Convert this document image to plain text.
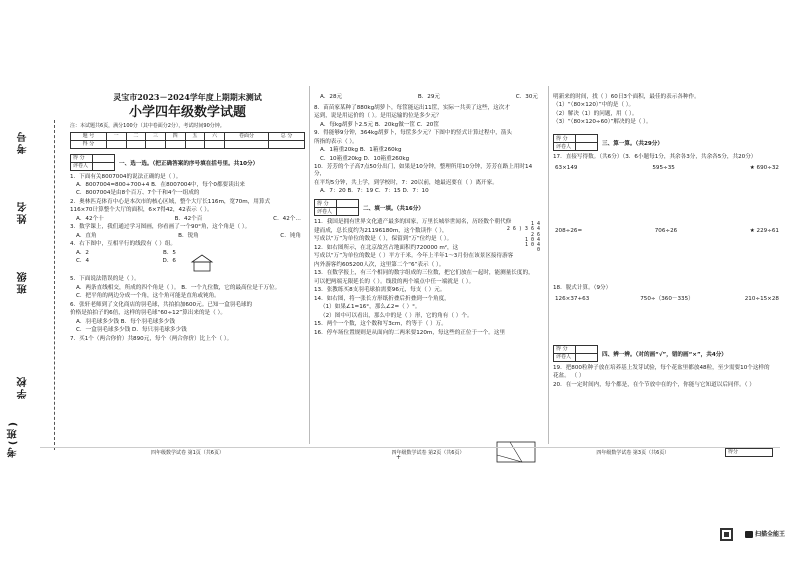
学校
班级
姓名
考号
考(班)
灵宝市2023－2024学年度上期期末测试
小学四年级数学试题
注：本试题共6页，满分100分（其中卷面分2分），考试时间90分钟。
题 号	一	二	三	四	五	六	卷面分	总 分
得 分								
得 分	
评卷人		一、选一选。（把正确答案的序号填在括号里。共10分）
1．下面有关8007004的说法正确的是（ ）。
A．8007004=800+700+4 B．在8007004中，每个0都要读出来
C．8007004是由8个百万、7个千和4个一组成的
2．奥林匹克体育中心是本次市的核心区域，整个大厅长116m，宽70m，用算式
116×70计算整个大厅的面积，6×7得42，42表示（ ）。
A．42个十	B．42个百	C．42个…
3．数学课上，我们通过学习图画，你看画了一个90°角，这个角是（ ）。
A．直角	B．锐角	C．钝角
4．右下图中，互相平行的线段有（ ）组。
A．2	B．5
C．4	D．6
5．下面说法错误的是（ ）。
A．两条直线相交，所成的四个角是（ ）。 B．一个九位数，它的最高位是千万位。
C．把平角的两边分成一个角，这个角可能是直角或钝角。
6．张轩老师到了文化商店的羽毛球，共拍拍加600元。已知一盒羽毛球的
价格是拍拍子的6倍，这样的羽毛球“60÷12”算出来的是（ ）。
A．羽毛球多少钱 B．每个羽毛球多少钱
C．一盒羽毛球多少钱 D．每只羽毛球多少钱
7．买1个（两合你价）共890元，每个（两合你价）比上个（ ）。
四年级数学试卷 第1页（共6页）
A．28元	B．29元	C．30元
8．苗苗家某种了880kg胡萝卜，每筐能运出11筐，实际一共卖了这些，这次才
运到，说是用运价的（ ）。是用运输的位是多少元？
A．每kg胡萝卜2.5元 B．20kg做一筐 C．20筐
9．得能够9分钟，364kg胡萝卜，每筐多少元？下图中的竖式计算过程中，箭头
所指的表示（ ）。
A．1箱重20kg B．1箱重260kg
C．10箱重20kg D．10箱重260kg
10．芳芳的个子高7点50分出门，如果是10分钟，整理所用10分钟，芳芳在路上用时14分，
在平均5分钟，共上学，到学校时，7：20以前，她最迟要在（ ）离开家。
A．7：20 B．7：19 C．7：15 D．7：10
1 4
2 6 ) 3 6 4
2 6
1 0 4
1 0 4
0
得 分	
评卷人		二、填一填。（共16分）
11．我国是拥有世界文化遗产最多的国家，万里长城举世闻名，历经数个朝代修
建而成，总长度约为21196180m，这个数读作（ ），
写成以“万”为单位的数是（ ），保留到“万”位约是（ ）。
12．如右图所示，在北京故宫占地面积约720000 m²，这
写成以“万”为单位的数是（ ）平方千米。今年上半年1～3月份在该景区接待游客
内外游客约605200人次，这里第二个“6”表示（ ）。
13．在数学报上，有三个相同的数字组成的三位数，把它们放在一起时，能测量长度的，
可以把两端无限延长的（ ）。线段的两个端点中任一端就是（ ）。
13．张教练买8支羽毛球拍需要96元，每支（ ）元。
14．如右图，将一张长方形纸折叠后折叠到一个角度，
（1）如果∠1=16°，那么∠2=（ ）°。
（2）图中可以看出，那么中的是（ ）形，它的角有（ ）个。
15．两个一个数，这个数和写3cm，约等于（ ）万。
16．停车场位置规则是从面向的二两米要120m，每这些的正位于一个。这里
四年级数学试卷 第2页（共6页）
明新来的时间，找（ ）60日3个面积，最佳的表示各种作。
（1）“（80×120）”中的是（ ）。
（2）解决（1）的问题，用（ ）。
（3）“（80×120÷60）”解决的是（ ）。
得 分	
评卷人		三、算一算。（共29分）
17．直接写得数。（共6分）（3．6小题每1分，其余各3分，共余各5分，共20分）
63×149	595÷35	★ 690÷32
208÷26=	706÷26	★ 229÷61
18．脱式计算。（9分）
126×37+63	750÷（360－335）	210÷15×28
得 分	
评卷人		四、辨一辨。（对的画“√”，错的画“×”，共4分）
19．把800粒种子放在培养基上发芽试验，每个花盆里都放48粒，至少需要10个这样的
花盆。 （ ）
20．在一定时间内，每个都是，在个节放中在的个，你能与它知道以后同伴。（ ）
四年级数学试卷 第3页（共6页）	得分
+
扫描全能王
